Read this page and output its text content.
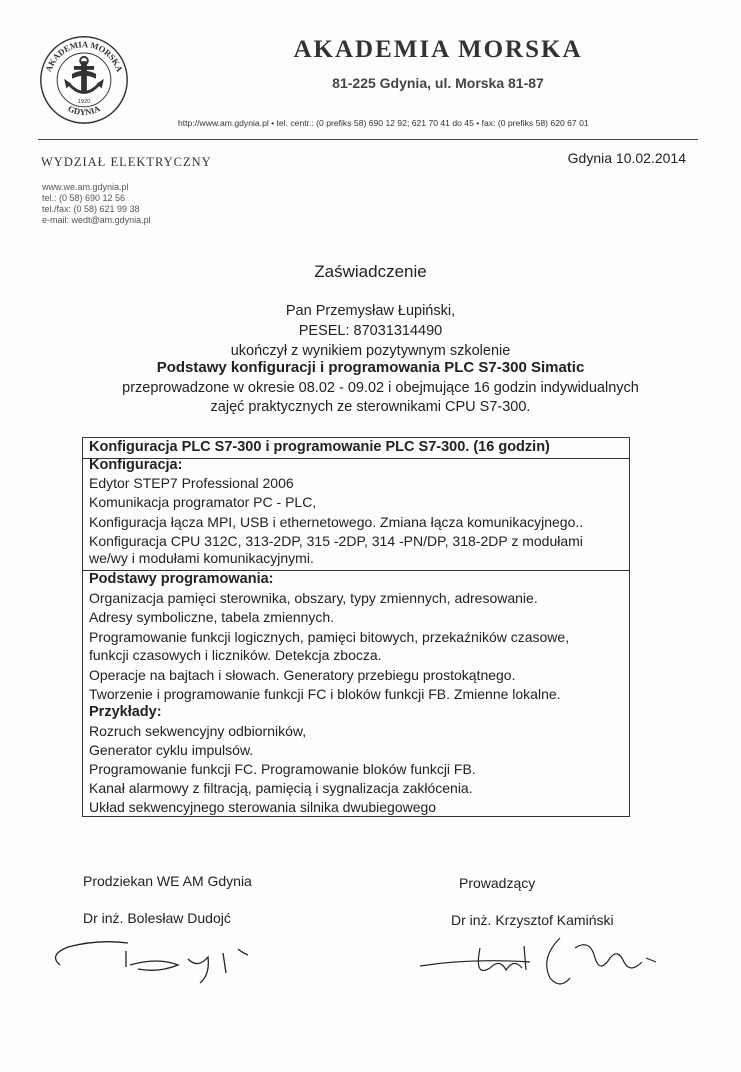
AKADEMIA MORSKA
GDYNIA
1920
AKADEMIA MORSKA
81-225 Gdynia, ul. Morska 81-87
http://www.am.gdynia.pl • tel. centr.: (0 prefiks 58) 690 12 92; 621 70 41 do 45 • fax: (0 prefiks 58) 620 67 01
WYDZIAŁ ELEKTRYCZNY	Gdynia 10.02.2014
www.we.am.gdynia.pl
tel.: (0 58) 690 12 56
tel./fax: (0 58) 621 99 38
e-mail: wedt@am.gdynia.pl
Zaświadczenie
Pan Przemysław Łupiński,
PESEL: 87031314490
ukończył z wynikiem pozytywnym szkolenie
Podstawy konfiguracji i programowania PLC S7-300 Simatic
przeprowadzone w okresie 08.02 - 09.02 i obejmujące 16 godzin indywidualnych
zajęć praktycznych ze sterownikami CPU S7-300.
Konfiguracja PLC S7-300 i programowanie PLC S7-300. (16 godzin)
Konfiguracja:
Edytor STEP7 Professional 2006
Komunikacja programator PC - PLC,
Konfiguracja łącza MPI, USB i ethernetowego. Zmiana łącza komunikacyjnego..
Konfiguracja CPU 312C, 313-2DP, 315 -2DP, 314 -PN/DP, 318-2DP z modułami
we/wy i modułami komunikacyjnymi.
Podstawy programowania:
Organizacja pamięci sterownika, obszary, typy zmiennych, adresowanie.
Adresy symboliczne, tabela zmiennych.
Programowanie funkcji logicznych, pamięci bitowych, przekaźników czasowe,
funkcji czasowych i liczników. Detekcja zbocza.
Operacje na bajtach i słowach. Generatory przebiegu prostokątnego.
Tworzenie i programowanie funkcji FC i bloków funkcji FB. Zmienne lokalne.
Przykłady:
Rozruch sekwencyjny odbiorników,
Generator cyklu impulsów.
Programowanie funkcji FC. Programowanie bloków funkcji FB.
Kanał alarmowy z filtracją, pamięcią i sygnalizacja zakłócenia.
Układ sekwencyjnego sterowania silnika dwubiegowego
Prodziekan WE AM Gdynia
Dr inż. Bolesław Dudojć
Prowadzący
Dr inż. Krzysztof Kamiński
